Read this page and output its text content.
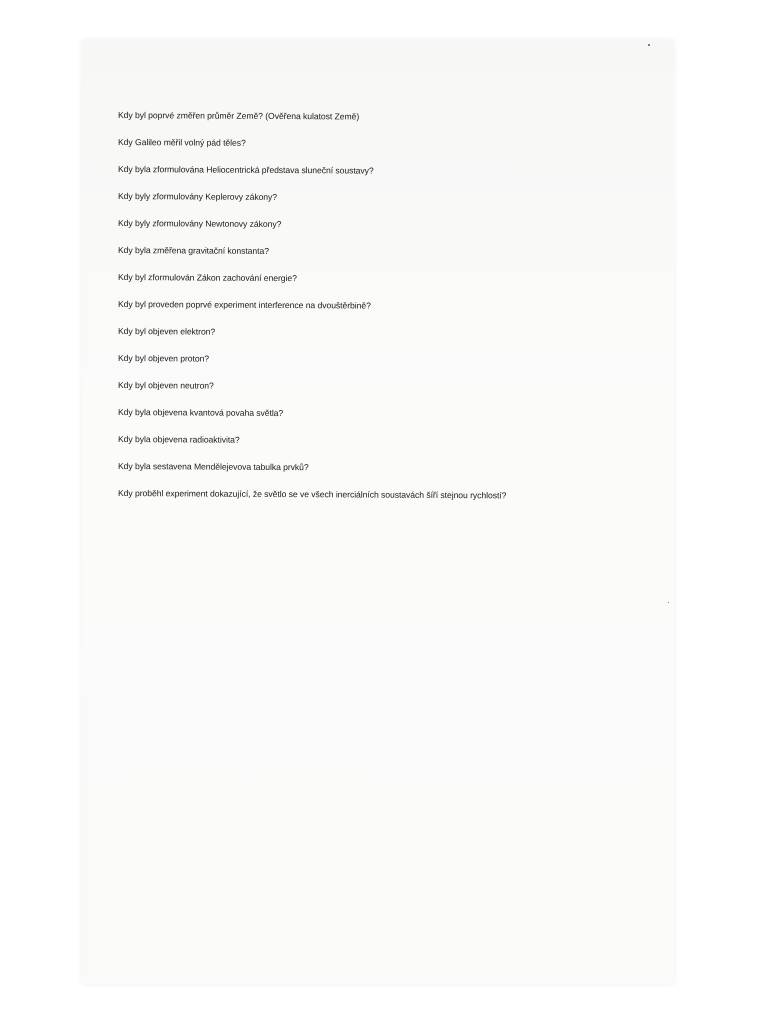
Kdy byl poprvé změřen průměr Země? (Ověřena kulatost Země)
Kdy Galileo měřil volný pád těles?
Kdy byla zformulována Heliocentrická představa sluneční soustavy?
Kdy byly zformulovány Keplerovy zákony?
Kdy byly zformulovány Newtonovy zákony?
Kdy byla změřena gravitační konstanta?
Kdy byl zformulován Zákon zachování energie?
Kdy byl proveden poprvé experiment interference na dvouštěrbině?
Kdy byl objeven elektron?
Kdy byl objeven proton?
Kdy byl objeven neutron?
Kdy byla objevena kvantová povaha světla?
Kdy byla objevena radioaktivita?
Kdy byla sestavena Mendělejevova tabulka prvků?
Kdy proběhl experiment dokazující, že světlo se ve všech inerciálních soustavách šíří stejnou rychlostí?
